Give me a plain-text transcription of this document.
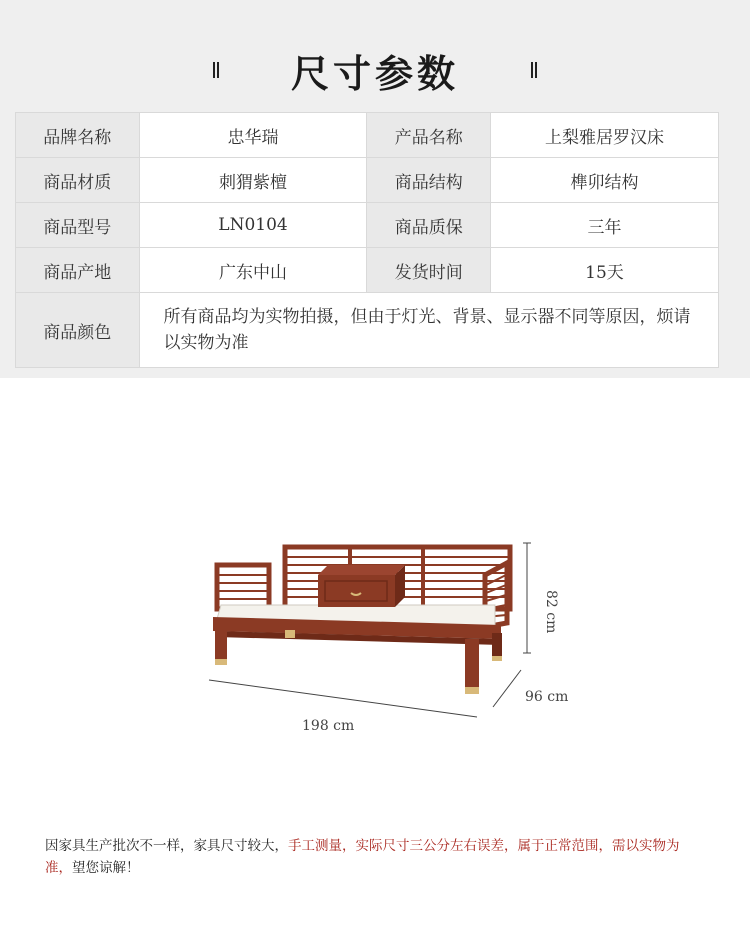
尺寸参数
品牌名称	忠华瑞	产品名称	上梨雅居罗汉床
商品材质	刺猬紫檀	商品结构	榫卯结构
商品型号	LN0104	商品质保	三年
商品产地	广东中山	发货时间	15天
商品颜色	所有商品均为实物拍摄，但由于灯光、背景、显示器不同等原因，烦请以实物为准		
82 cm
96 cm
198 cm
因家具生产批次不一样，家具尺寸较大，手工测量，实际尺寸三公分左右误差，属于正常范围，需以实物为准，望您谅解！
